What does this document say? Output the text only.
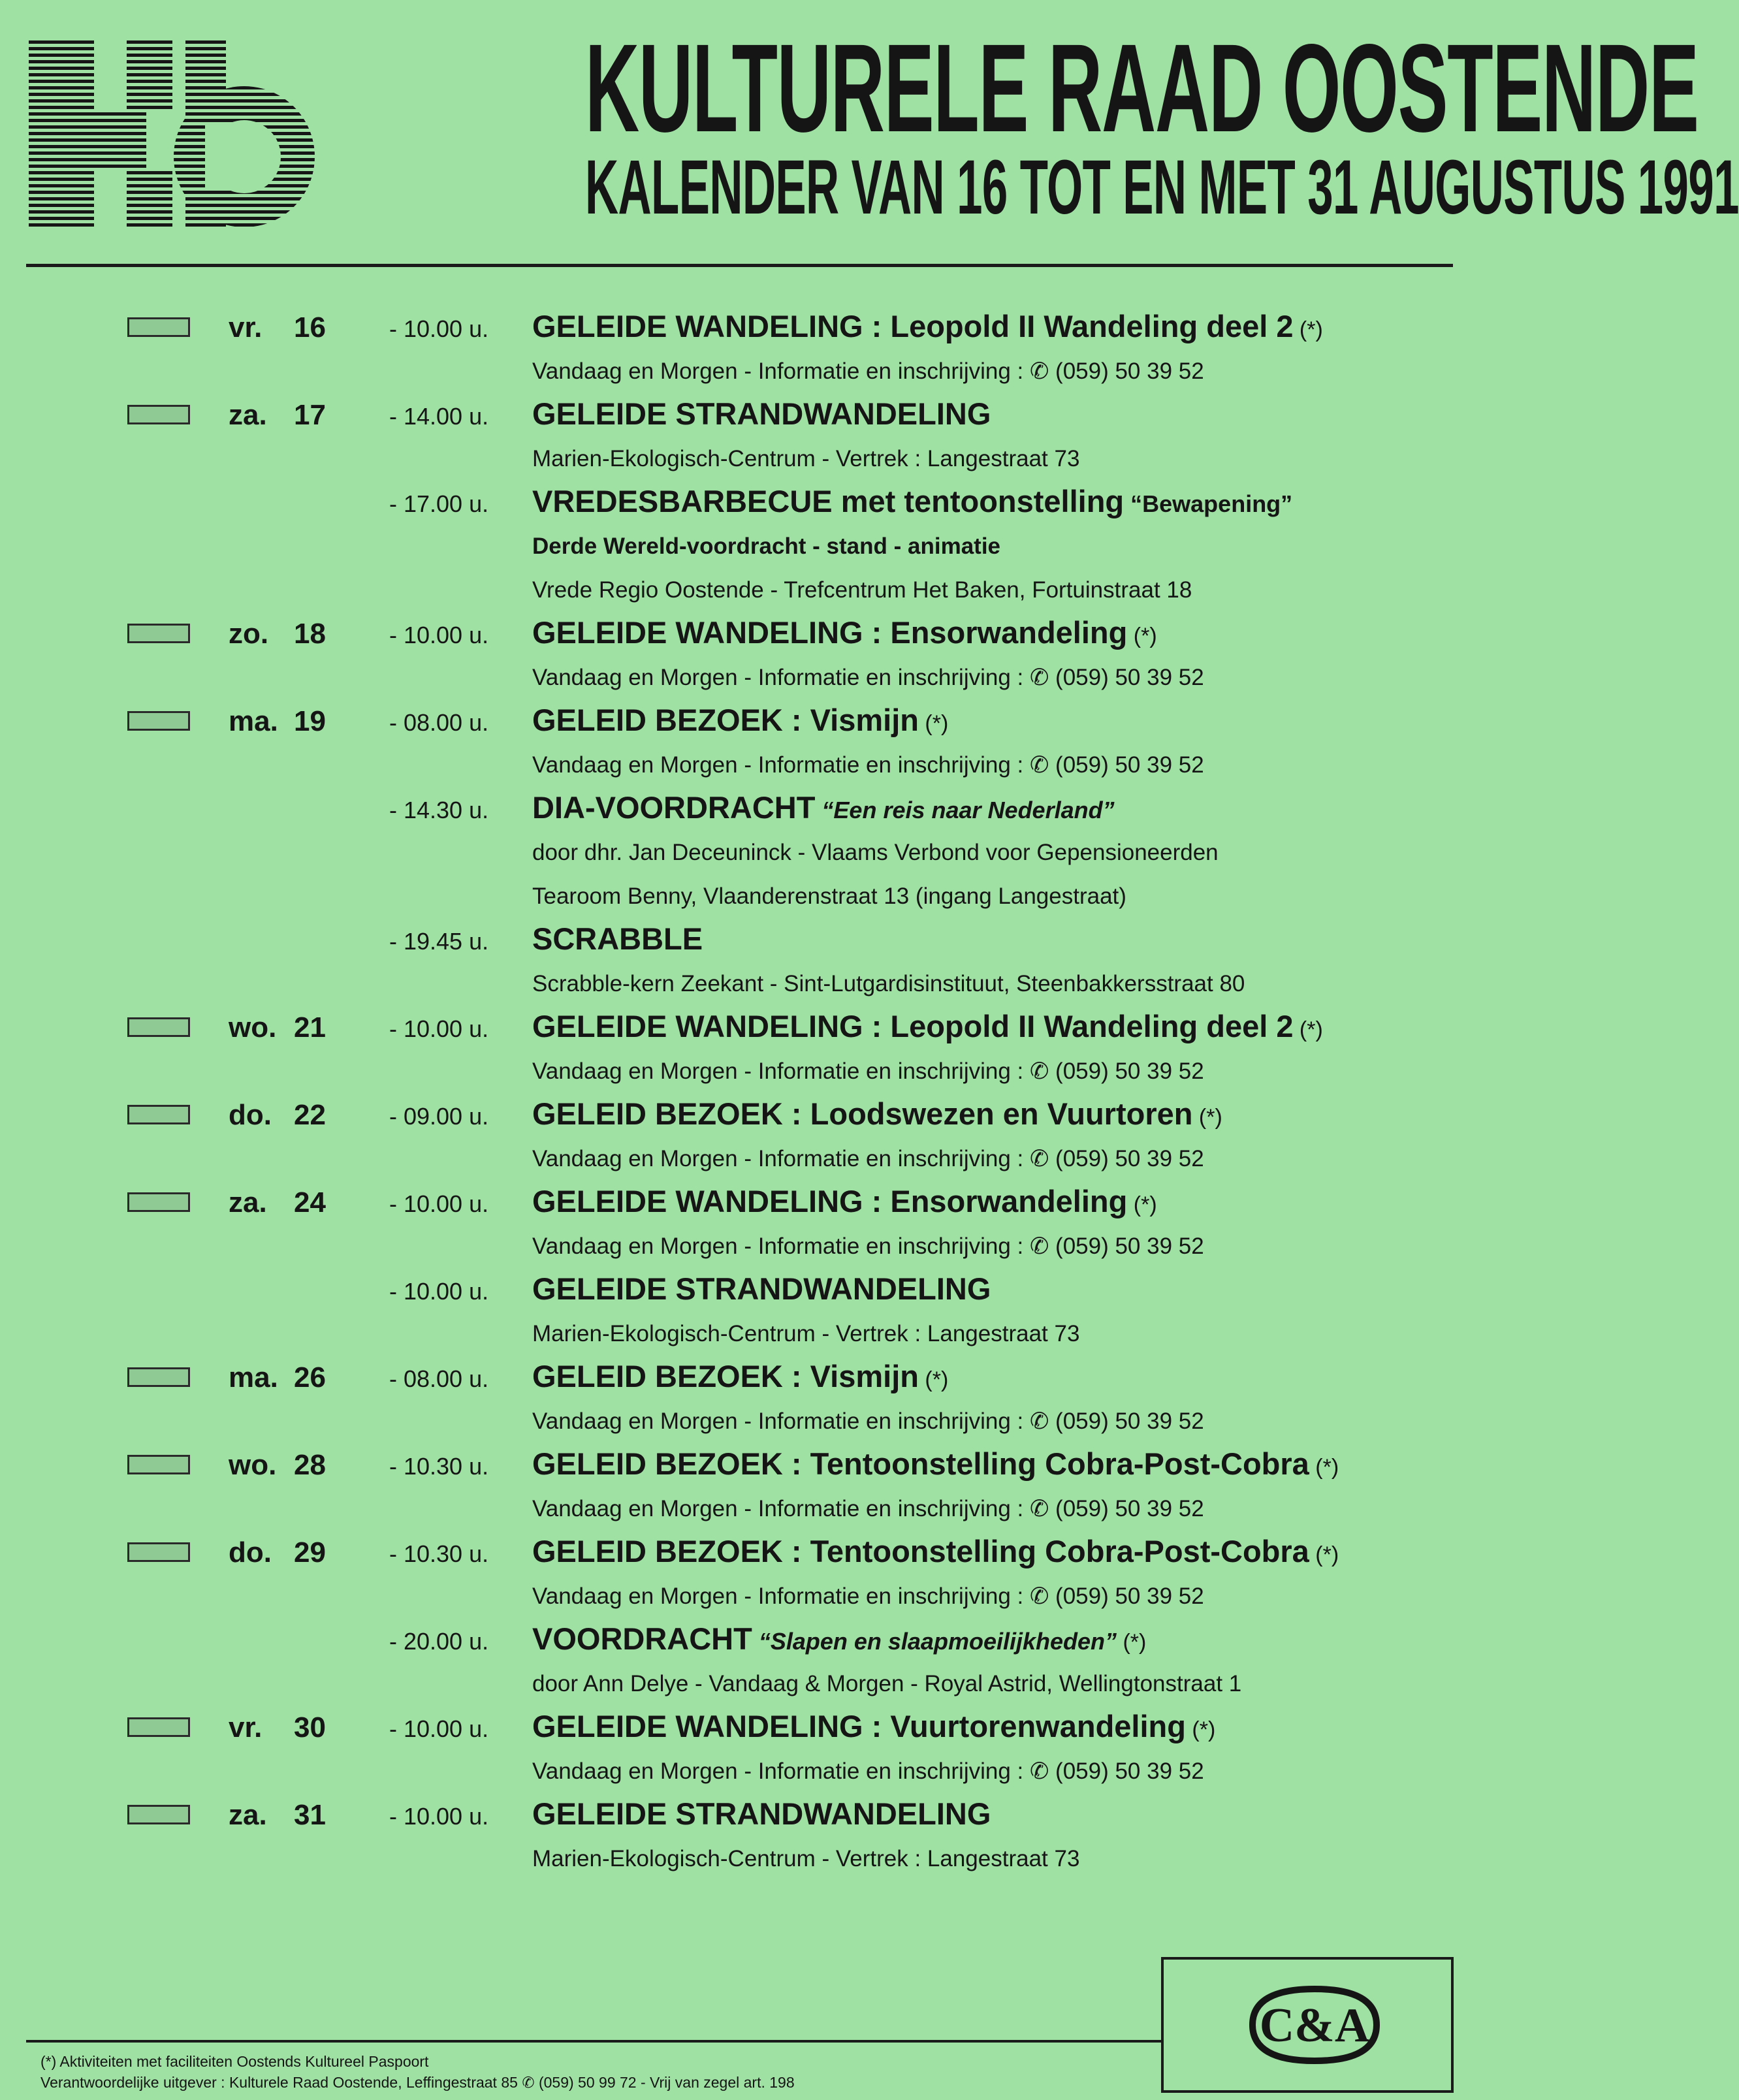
KULTURELE RAAD OOSTENDE
KALENDER VAN 16 TOT EN MET 31 AUGUSTUS 1991
vr. 16	- 10.00 u. GELEIDE WANDELING : Leopold II Wandeling deel 2 (*)
Vandaag en Morgen - Informatie en inschrijving : ✆ (059) 50 39 52
za. 17	- 14.00 u. GELEIDE STRANDWANDELING
Marien-Ekologisch-Centrum - Vertrek : Langestraat 73
- 17.00 u. VREDESBARBECUE met tentoonstelling “Bewapening”
Derde Wereld-voordracht - stand - animatie
Vrede Regio Oostende - Trefcentrum Het Baken, Fortuinstraat 18
zo. 18	- 10.00 u. GELEIDE WANDELING : Ensorwandeling (*)
Vandaag en Morgen - Informatie en inschrijving : ✆ (059) 50 39 52
ma. 19	- 08.00 u. GELEID BEZOEK : Vismijn (*)
Vandaag en Morgen - Informatie en inschrijving : ✆ (059) 50 39 52
- 14.30 u. DIA-VOORDRACHT “Een reis naar Nederland”
door dhr. Jan Deceuninck - Vlaams Verbond voor Gepensioneerden
Tearoom Benny, Vlaanderenstraat 13 (ingang Langestraat)
- 19.45 u. SCRABBLE
Scrabble-kern Zeekant - Sint-Lutgardisinstituut, Steenbakkersstraat 80
wo. 21	- 10.00 u. GELEIDE WANDELING : Leopold II Wandeling deel 2 (*)
Vandaag en Morgen - Informatie en inschrijving : ✆ (059) 50 39 52
do. 22	- 09.00 u. GELEID BEZOEK : Loodswezen en Vuurtoren (*)
Vandaag en Morgen - Informatie en inschrijving : ✆ (059) 50 39 52
za. 24	- 10.00 u. GELEIDE WANDELING : Ensorwandeling (*)
Vandaag en Morgen - Informatie en inschrijving : ✆ (059) 50 39 52
- 10.00 u. GELEIDE STRANDWANDELING
Marien-Ekologisch-Centrum - Vertrek : Langestraat 73
ma. 26	- 08.00 u. GELEID BEZOEK : Vismijn (*)
Vandaag en Morgen - Informatie en inschrijving : ✆ (059) 50 39 52
wo. 28	- 10.30 u. GELEID BEZOEK : Tentoonstelling Cobra-Post-Cobra (*)
Vandaag en Morgen - Informatie en inschrijving : ✆ (059) 50 39 52
do. 29	- 10.30 u. GELEID BEZOEK : Tentoonstelling Cobra-Post-Cobra (*)
Vandaag en Morgen - Informatie en inschrijving : ✆ (059) 50 39 52
- 20.00 u. VOORDRACHT “Slapen en slaapmoeilijkheden” (*)
door Ann Delye - Vandaag & Morgen - Royal Astrid, Wellingtonstraat 1
vr. 30	- 10.00 u. GELEIDE WANDELING : Vuurtorenwandeling (*)
Vandaag en Morgen - Informatie en inschrijving : ✆ (059) 50 39 52
za. 31	- 10.00 u. GELEIDE STRANDWANDELING
Marien-Ekologisch-Centrum - Vertrek : Langestraat 73
C&A
(*) Aktiviteiten met faciliteiten Oostends Kultureel Paspoort
Verantwoordelijke uitgever : Kulturele Raad Oostende, Leffingestraat 85 ✆ (059) 50 99 72 - Vrij van zegel art. 198
